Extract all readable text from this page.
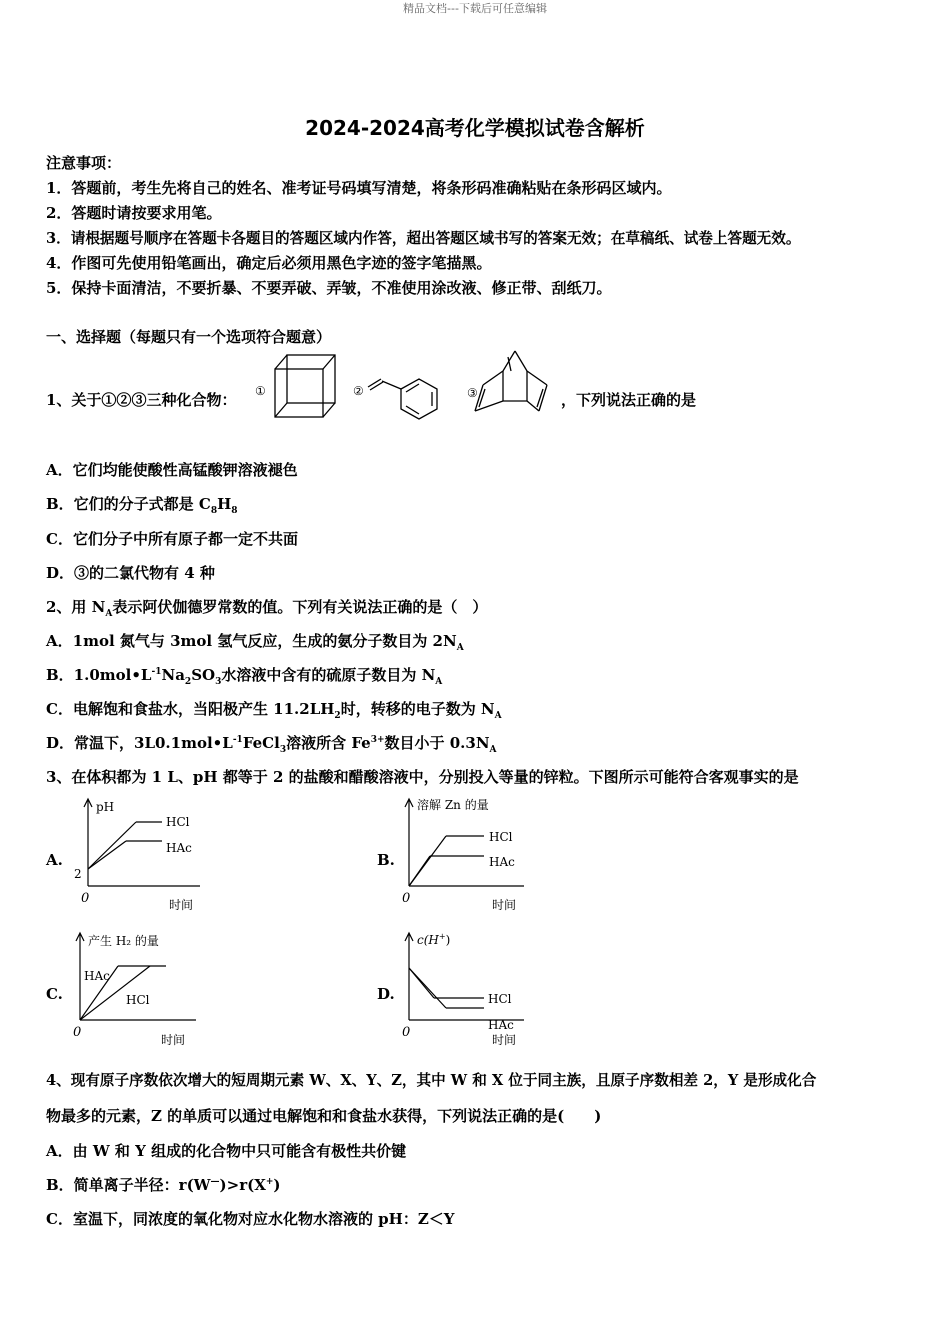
精品文档---下载后可任意编辑
2024-2024高考化学模拟试卷含解析
注意事项：
1．答题前，考生先将自己的姓名、准考证号码填写清楚，将条形码准确粘贴在条形码区域内。
2．答题时请按要求用笔。
3．请根据题号顺序在答题卡各题目的答题区域内作答，超出答题区域书写的答案无效；在草稿纸、试卷上答题无效。
4．作图可先使用铅笔画出，确定后必须用黑色字迹的签字笔描黑。
5．保持卡面清洁，不要折暴、不要弄破、弄皱，不准使用涂改液、修正带、刮纸刀。
一、选择题（每题只有一个选项符合题意）
1、关于①②③三种化合物： ①	②	③	，下列说法正确的是
A．它们均能使酸性高锰酸钾溶液褪色
B．它们的分子式都是 $C_8H_8$
C．它们分子中所有原子都一定不共面
D．③的二氯代物有 4 种
2、用 $N_A$表示阿伏伽德罗常数的值。下列有关说法正确的是（　）
A．1mol 氮气与 3mol 氢气反应，生成的氨分子数目为 $2N_A$
B．$1.0mol•L^{-1}Na_2SO_3$水溶液中含有的硫原子数目为 $N_A$
C．电解饱和食盐水，当阳极产生 $11.2LH_2$时，转移的电子数为 $N_A$
D．常温下，$3L0.1mol•L^{-1}FeCl_3$溶液所含 $Fe^{3+}$数目小于 $0.3N_A$
3、在体积都为 1 L、pH 都等于 2 的盐酸和醋酸溶液中，分别投入等量的锌粒。下图所示可能符合客观事实的是
A.
pH
2
0
HCl
HAc
时间
B.
溶解 Zn 的量
0
HCl
HAc
时间
C.
产生 H₂ 的量
HAc
HCl
0	时间
D.
c(H+)
HCl
HAc
0	时间
4、现有原子序数依次增大的短周期元素 W、X、Y、Z，其中 W 和 X 位于同主族，且原子序数相差 2，Y 是形成化合
物最多的元素，Z 的单质可以通过电解饱和和食盐水获得，下列说法正确的是(　　)
A．由 W 和 Y 组成的化合物中只可能含有极性共价键
B．简单离子半径：r(W—)>r(X+)
C．室温下，同浓度的氧化物对应水化物水溶液的 pH：Z＜Y
